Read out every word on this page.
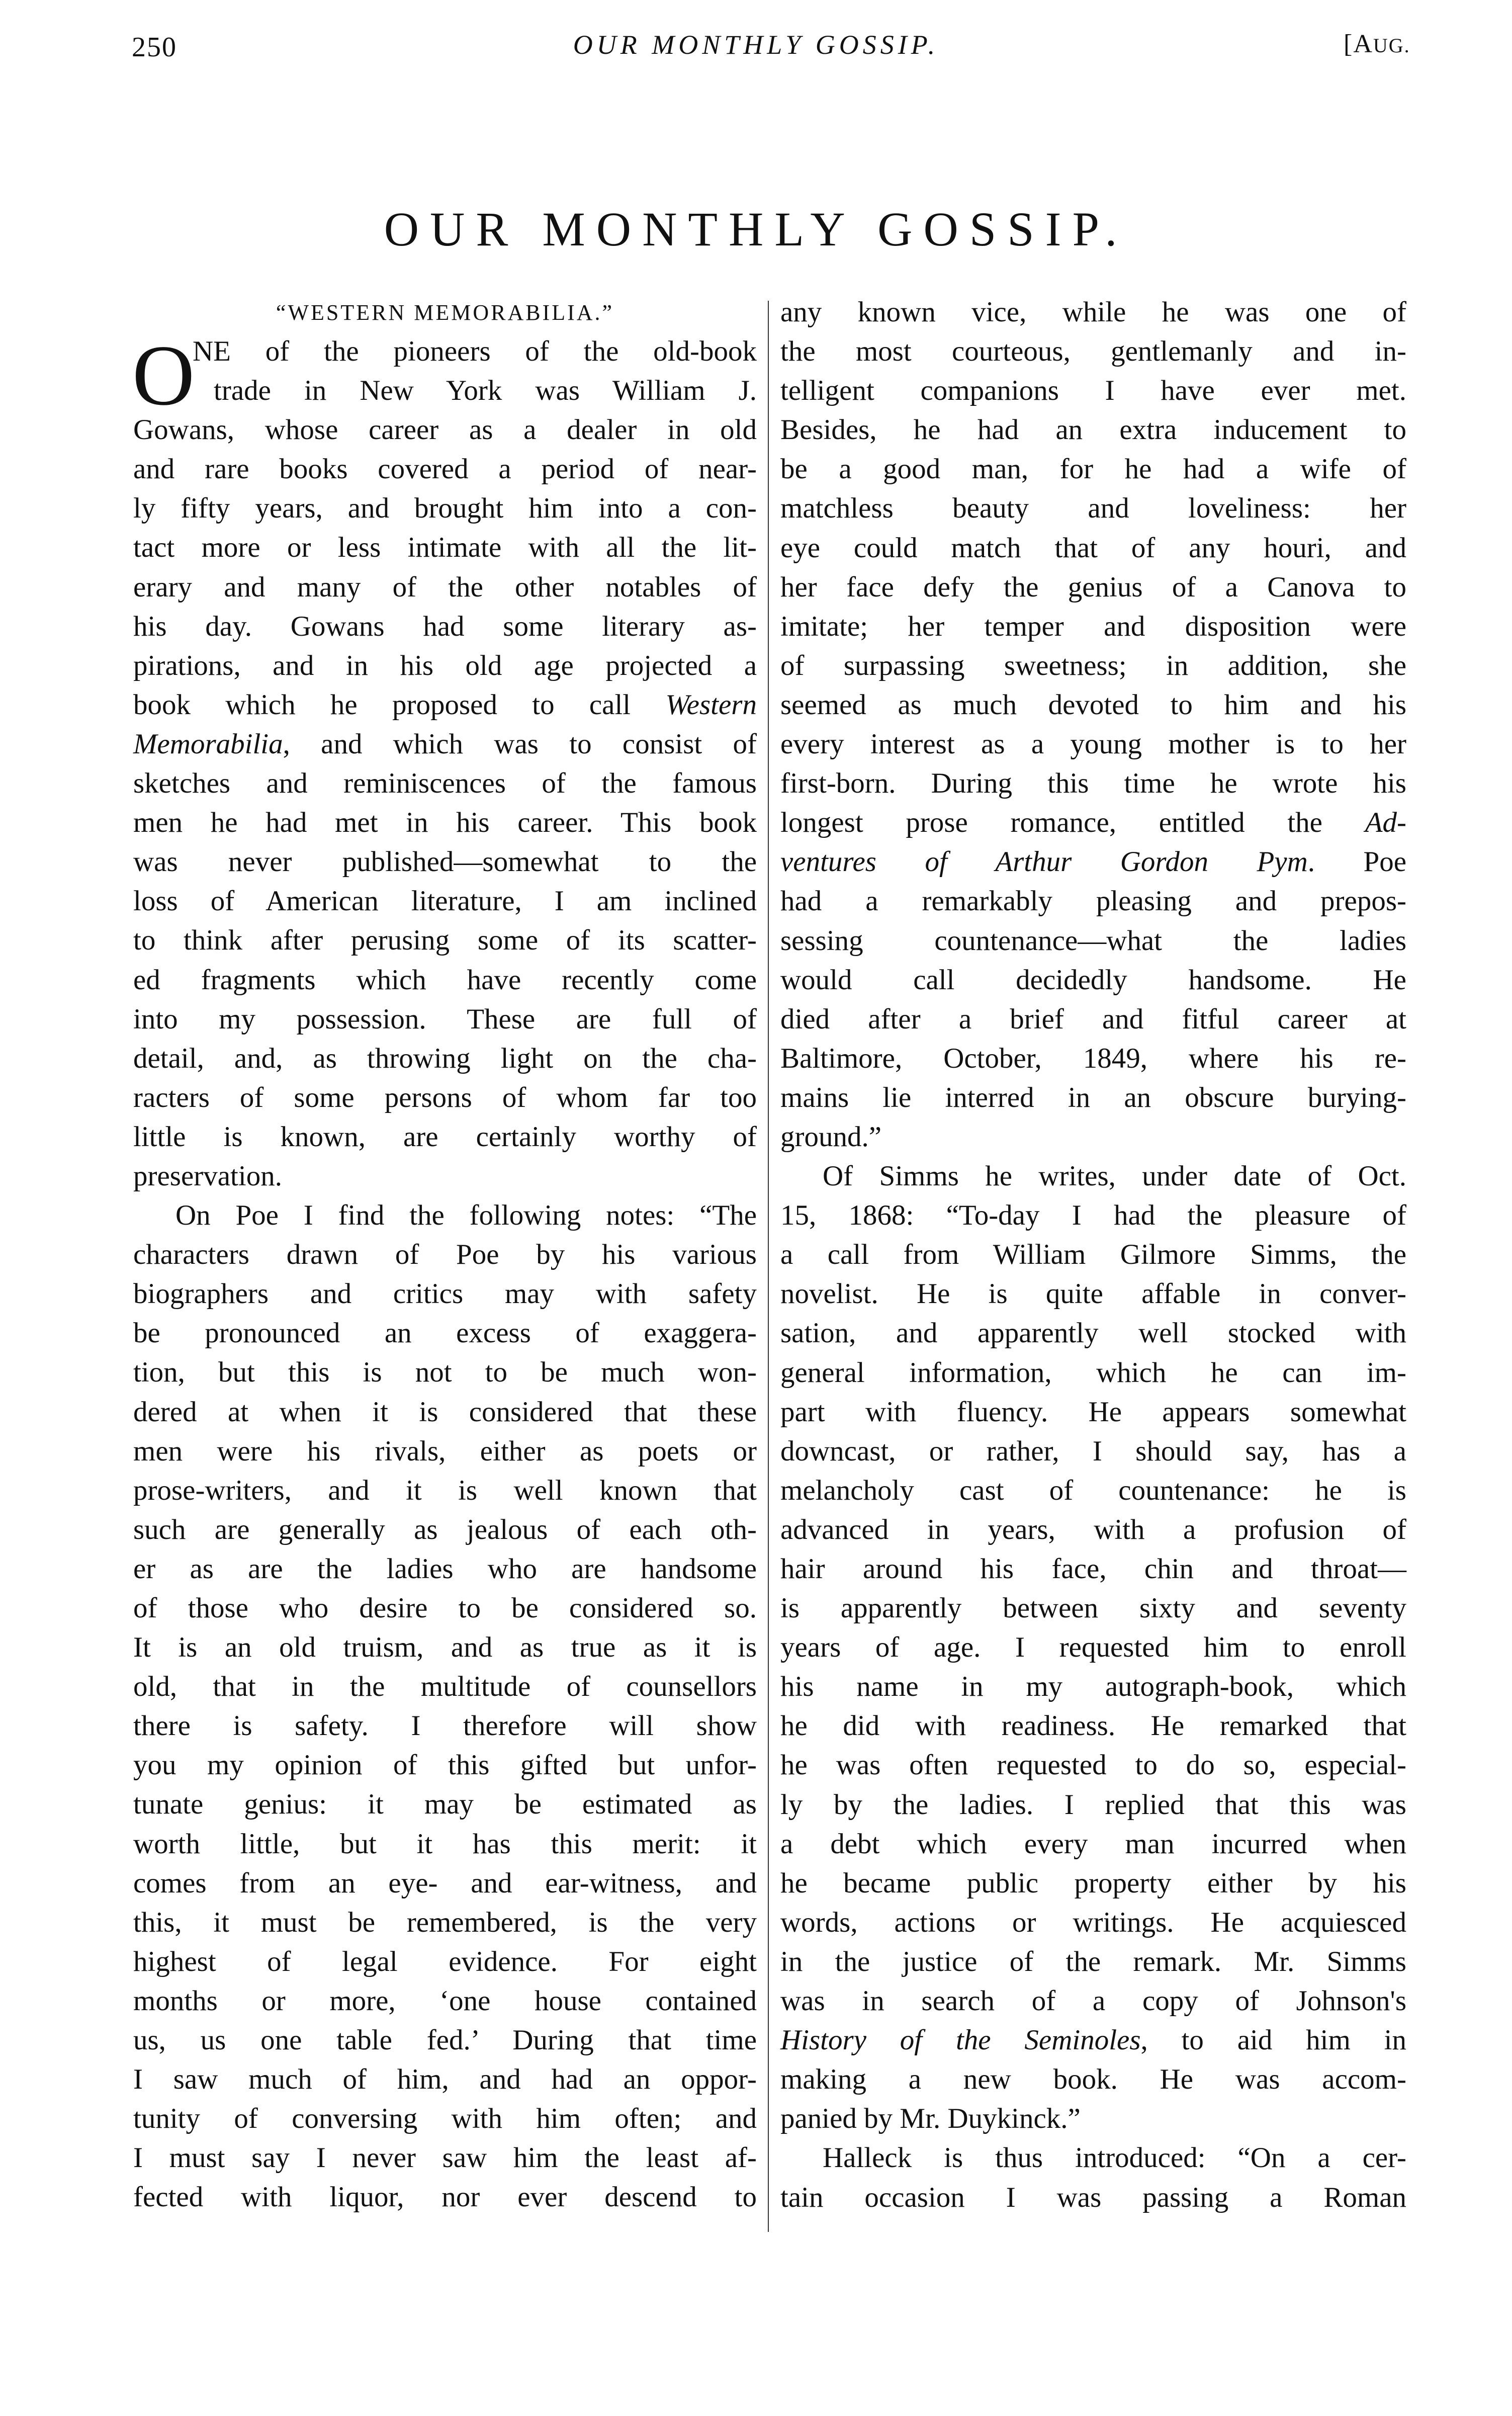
250	OUR MONTHLY GOSSIP.	[AUG.
OUR MONTHLY GOSSIP.
“WESTERN MEMORABILIA.”
O
NE of the pioneers of the old-book
trade in New York was William J.
Gowans, whose career as a dealer in old
and rare books covered a period of near-
ly fifty years, and brought him into a con-
tact more or less intimate with all the lit-
erary and many of the other notables of
his day. Gowans had some literary as-
pirations, and in his old age projected a
book which he proposed to call Western
Memorabilia, and which was to consist of
sketches and reminiscences of the famous
men he had met in his career. This book
was never published—somewhat to the
loss of American literature, I am inclined
to think after perusing some of its scatter-
ed fragments which have recently come
into my possession. These are full of
detail, and, as throwing light on the cha-
racters of some persons of whom far too
little is known, are certainly worthy of
preservation.
On Poe I find the following notes: “The
characters drawn of Poe by his various
biographers and critics may with safety
be pronounced an excess of exaggera-
tion, but this is not to be much won-
dered at when it is considered that these
men were his rivals, either as poets or
prose-writers, and it is well known that
such are generally as jealous of each oth-
er as are the ladies who are handsome
of those who desire to be considered so.
It is an old truism, and as true as it is
old, that in the multitude of counsellors
there is safety. I therefore will show
you my opinion of this gifted but unfor-
tunate genius: it may be estimated as
worth little, but it has this merit: it
comes from an eye- and ear-witness, and
this, it must be remembered, is the very
highest of legal evidence. For eight
months or more, ‘one house contained
us, us one table fed.’ During that time
I saw much of him, and had an oppor-
tunity of conversing with him often; and
I must say I never saw him the least af-
fected with liquor, nor ever descend to
any known vice, while he was one of
the most courteous, gentlemanly and in-
telligent companions I have ever met.
Besides, he had an extra inducement to
be a good man, for he had a wife of
matchless beauty and loveliness: her
eye could match that of any houri, and
her face defy the genius of a Canova to
imitate; her temper and disposition were
of surpassing sweetness; in addition, she
seemed as much devoted to him and his
every interest as a young mother is to her
first-born. During this time he wrote his
longest prose romance, entitled the Ad-
ventures of Arthur Gordon Pym. Poe
had a remarkably pleasing and prepos-
sessing countenance—what the ladies
would call decidedly handsome. He
died after a brief and fitful career at
Baltimore, October, 1849, where his re-
mains lie interred in an obscure burying-
ground.”
Of Simms he writes, under date of Oct.
15, 1868: “To-day I had the pleasure of
a call from William Gilmore Simms, the
novelist. He is quite affable in conver-
sation, and apparently well stocked with
general information, which he can im-
part with fluency. He appears somewhat
downcast, or rather, I should say, has a
melancholy cast of countenance: he is
advanced in years, with a profusion of
hair around his face, chin and throat—
is apparently between sixty and seventy
years of age. I requested him to enroll
his name in my autograph-book, which
he did with readiness. He remarked that
he was often requested to do so, especial-
ly by the ladies. I replied that this was
a debt which every man incurred when
he became public property either by his
words, actions or writings. He acquiesced
in the justice of the remark. Mr. Simms
was in search of a copy of Johnson's
History of the Seminoles, to aid him in
making a new book. He was accom-
panied by Mr. Duykinck.”
Halleck is thus introduced: “On a cer-
tain occasion I was passing a Roman
